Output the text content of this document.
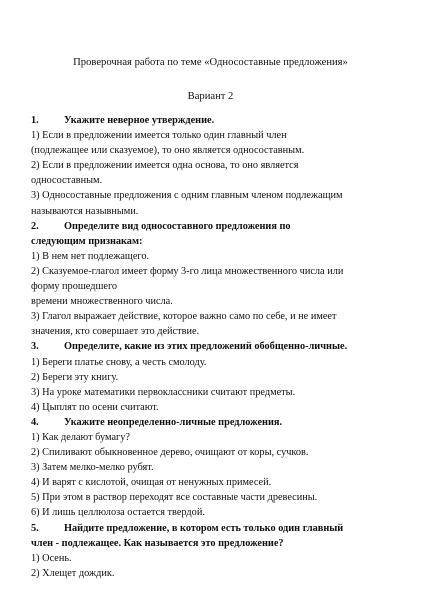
Проверочная работа по теме «Односоставные предложения»
Вариант 2
1.	Укажите неверное утверждение.
1) Если в предложении имеется только один главный член
(подлежащее или сказуемое), то оно является односоставным.
2) Если в предложении имеется одна основа, то оно является
односоставным.
3) Односоставные предложения с одним главным членом подлежащим
называются назывными.
2.	Определите вид односоставного предложения по
следующим признакам:
1) В нем нет подлежащего.
2) Сказуемое-глагол имеет форму 3-го лица множественного числа или
форму прошедшего
времени множественного числа.
3) Глагол выражает действие, которое важно само по себе, и не имеет
значения, кто совершает это действие.
3.	Определите, какие из этих предложений обобщенно-личные.
1) Береги платье снову, а честь смолоду.
2) Береги эту книгу.
3) На уроке математики первоклассники считают предметы.
4) Цыплят по осени считают.
4.	Укажите неопределенно-личные предложения.
1) Как делают бумагу?
2) Спиливают обыкновенное дерево, очищают от коры, сучков.
3) Затем мелко-мелко рубят.
4) И варят с кислотой, очищая от ненужных примесей.
5) При этом в раствор переходят все составные части древесины.
6) И лишь целлюлоза остается твердой.
5.	Найдите предложение, в котором есть только один главный
член - подлежащее. Как называется это предложение?
1) Осень.
2) Хлещет дождик.
